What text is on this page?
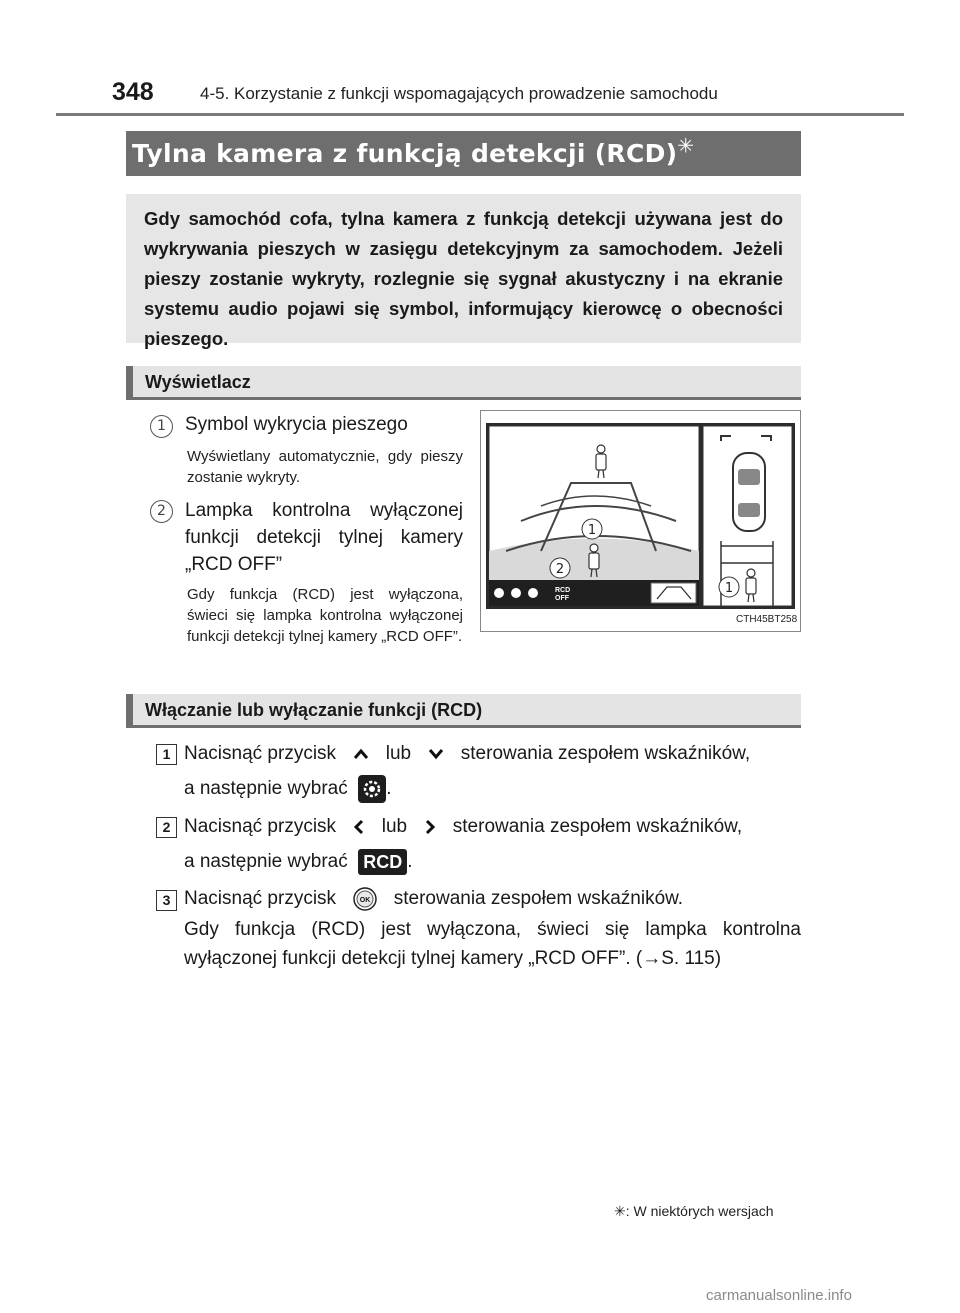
348	4-5. Korzystanie z funkcji wspomagających prowadzenie samochodu
Tylna kamera z funkcją detekcji (RCD)✳
Gdy samochód cofa, tylna kamera z funkcją detekcji używana jest do wykrywania pieszych w zasięgu detekcyjnym za samochodem. Jeżeli pieszy zostanie wykryty, rozlegnie się sygnał akustyczny i na ekranie systemu audio pojawi się symbol, informujący kierowcę o obecności pieszego.
Wyświetlacz
1	Symbol wykrycia pieszego
Wyświetlany automatycznie, gdy pieszy zostanie wykryty.
2	Lampka kontrolna wyłączonej funkcji detekcji tylnej kamery „RCD OFF”
Gdy funkcja (RCD) jest wyłączona, świeci się lampka kontrolna wyłączonej funkcji detekcji tylnej kamery „RCD OFF”.
RCD
OFF
1
2
1
CTH45BT258
Włączanie lub wyłączanie funkcji (RCD)
1 Nacisnąć przycisk	lub	sterowania zespołem wskaźników,
a następnie wybrać .
2 Nacisnąć przycisk lub sterowania zespołem wskaźników,
a następnie wybrać RCD .
3 Nacisnąć przycisk	OK sterowania zespołem wskaźników.
Gdy funkcja (RCD) jest wyłączona, świeci się lampka kontrolna wyłączonej funkcji detekcji tylnej kamery „RCD OFF”. (→S. 115)
✳: W niektórych wersjach
carmanualsonline.info
